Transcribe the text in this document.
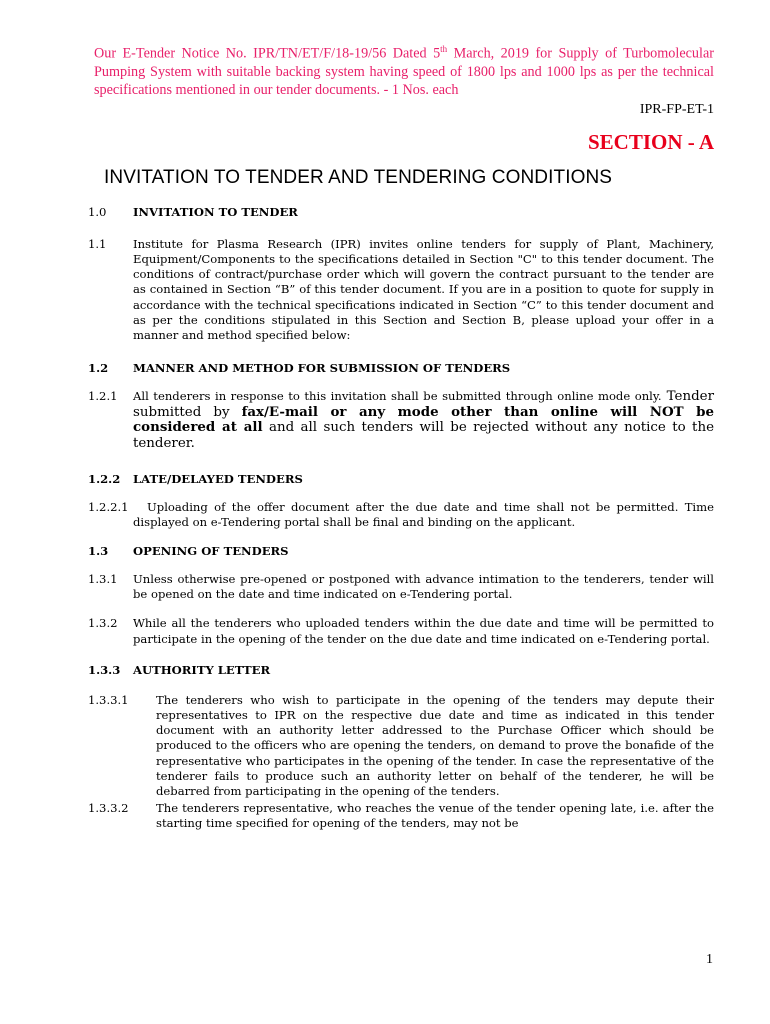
Our E-Tender Notice No. IPR/TN/ET/F/18-19/56 Dated 5th March, 2019 for Supply of Turbomolecular Pumping System with suitable backing system having speed of 1800 lps and 1000 lps as per the technical specifications mentioned in our tender documents. - 1 Nos. each

IPR-FP-ET-1
SECTION - A
INVITATION TO TENDER AND TENDERING CONDITIONS
1.0 INVITATION TO TENDER
1.1 Institute for Plasma Research (IPR) invites online tenders for supply of Plant, Machinery, Equipment/Components to the specifications detailed in Section "C" to this tender document. The conditions of contract/purchase order which will govern the contract pursuant to the tender are as contained in Section “B” of this tender document. If you are in a position to quote for supply in accordance with the technical specifications indicated in Section “C” to this tender document and as per the conditions stipulated in this Section and Section B, please upload your offer in a manner and method specified below:
1.2 MANNER AND METHOD FOR SUBMISSION OF TENDERS
1.2.1 All tenderers in response to this invitation shall be submitted through online mode only. Tender submitted by fax/E-mail or any mode other than online will NOT be considered at all and all such tenders will be rejected without any notice to the tenderer.
1.2.2 LATE/DELAYED TENDERS
1.2.2.1	Uploading of the offer document after the due date and time shall not be permitted. Time displayed on e-Tendering portal shall be final and binding on the applicant.
1.3 OPENING OF TENDERS
1.3.1 Unless otherwise pre-opened or postponed with advance intimation to the tenderers, tender will be opened on the date and time indicated on e-Tendering portal.
1.3.2 While all the tenderers who uploaded tenders within the due date and time will be permitted to participate in the opening of the tender on the due date and time indicated on e-Tendering portal.
1.3.3 AUTHORITY LETTER
1.3.3.1 The tenderers who wish to participate in the opening of the tenders may depute their representatives to IPR on the respective due date and time as indicated in this tender document with an authority letter addressed to the Purchase Officer which should be produced to the officers who are opening the tenders, on demand to prove the bonafide of the representative who participates in the opening of the tender. In case the representative of the tenderer fails to produce such an authority letter on behalf of the tenderer, he will be debarred from participating in the opening of the tenders.
1.3.3.2 The tenderers representative, who reaches the venue of the tender opening late, i.e. after the starting time specified for opening of the tenders, may not be
1
